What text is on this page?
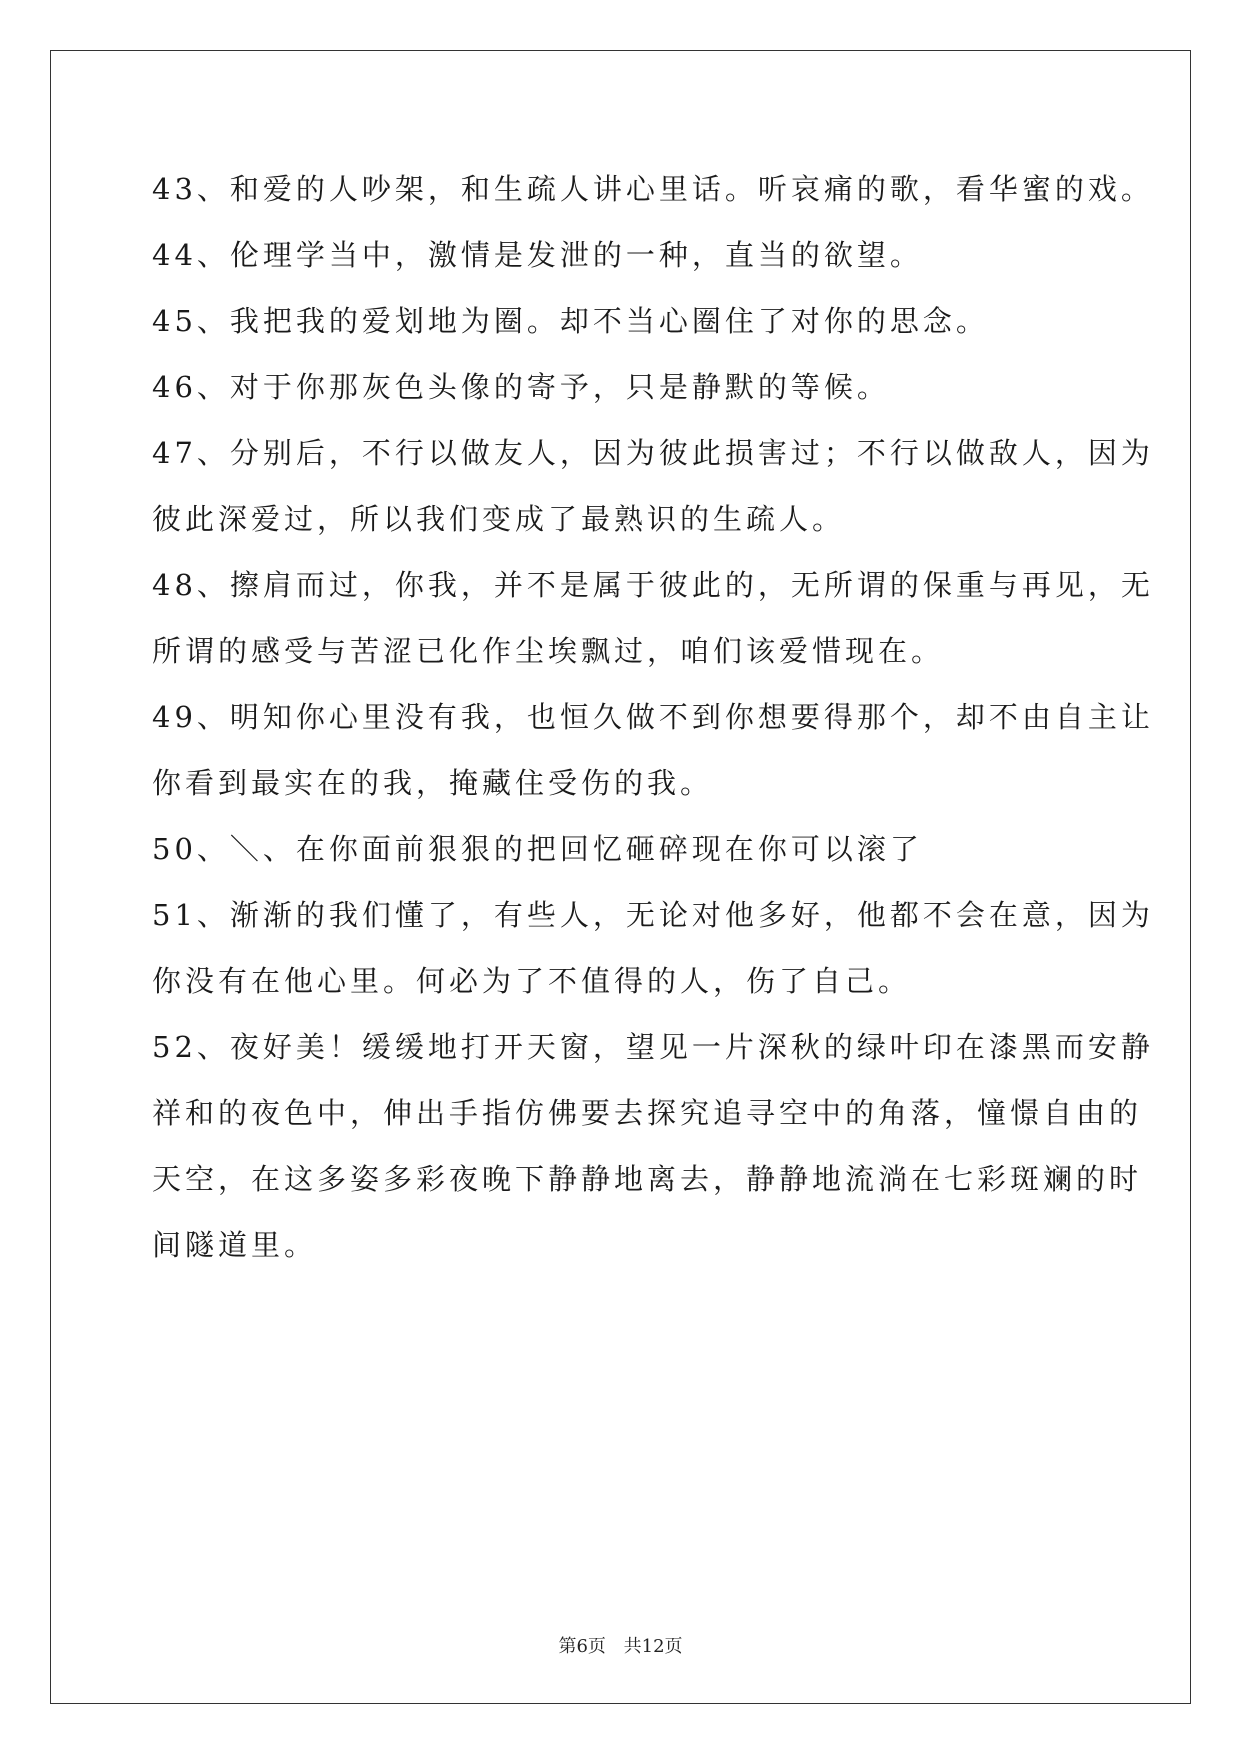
43、和爱的人吵架，和生疏人讲心里话。听哀痛的歌，看华蜜的戏。
44、伦理学当中，激情是发泄的一种，直当的欲望。
45、我把我的爱划地为圈。却不当心圈住了对你的思念。
46、对于你那灰色头像的寄予，只是静默的等候。
47、分别后，不行以做友人，因为彼此损害过；不行以做敌人，因为
彼此深爱过，所以我们变成了最熟识的生疏人。
48、擦肩而过，你我，并不是属于彼此的，无所谓的保重与再见，无
所谓的感受与苦涩已化作尘埃飘过，咱们该爱惜现在。
49、明知你心里没有我，也恒久做不到你想要得那个，却不由自主让
你看到最实在的我，掩藏住受伤的我。
50、＼、在你面前狠狠的把回忆砸碎现在你可以滚了
51、渐渐的我们懂了，有些人，无论对他多好，他都不会在意，因为
你没有在他心里。何必为了不值得的人，伤了自己。
52、夜好美！缓缓地打开天窗，望见一片深秋的绿叶印在漆黑而安静
祥和的夜色中，伸出手指仿佛要去探究追寻空中的角落，憧憬自由的
天空，在这多姿多彩夜晚下静静地离去，静静地流淌在七彩斑斓的时
间隧道里。
第6页 共12页
